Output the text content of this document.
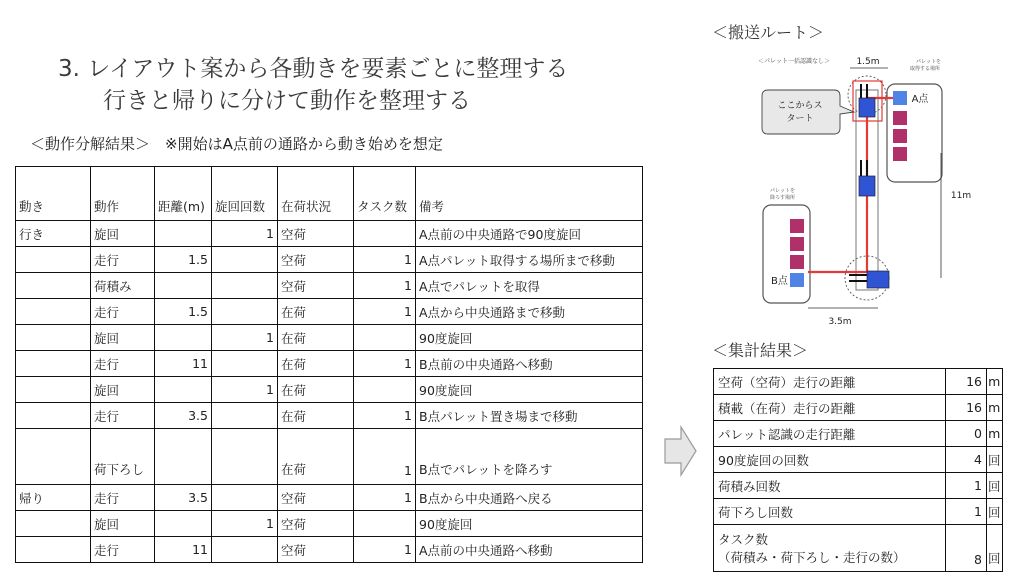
3. レイアウト案から各動きを要素ごとに整理する
行きと帰りに分けて動作を整理する
＜動作分解結果＞　※開始はA点前の通路から動き始めを想定
動き	動作	距離(m)	旋回回数	在荷状況	タスク数	備考
行き	旋回		1	空荷		A点前の中央通路で90度旋回
	走行	1.5		空荷	1	A点パレット取得する場所まで移動
	荷積み			空荷	1	A点でパレットを取得
	走行	1.5		在荷	1	A点から中央通路まで移動
	旋回		1	在荷		90度旋回
	走行	11		在荷	1	B点前の中央通路へ移動
	旋回		1	在荷		90度旋回
	走行	3.5		在荷	1	B点パレット置き場まで移動
	荷下ろし			在荷	1	B点でパレットを降ろす
帰り	走行	3.5		空荷	1	B点から中央通路へ戻る
	旋回		1	空荷		90度旋回
	走行	11		空荷	1	A点前の中央通路へ移動
＜搬送ルート＞
＜パレット一括認識なし＞	1.5m	パレットを
取得する場所
A点
パレットを
降ろす場所
B点
ここからス
タート
11m
3.5m
＜集計結果＞
空荷（空荷）走行の距離	16	m
積載（在荷）走行の距離	16	m
パレット認識の走行距離	0	m
90度旋回の回数	4	回
荷積み回数	1	回
荷下ろし回数	1	回

タスク数
（荷積み・荷下ろし・走行の数）	8	回
